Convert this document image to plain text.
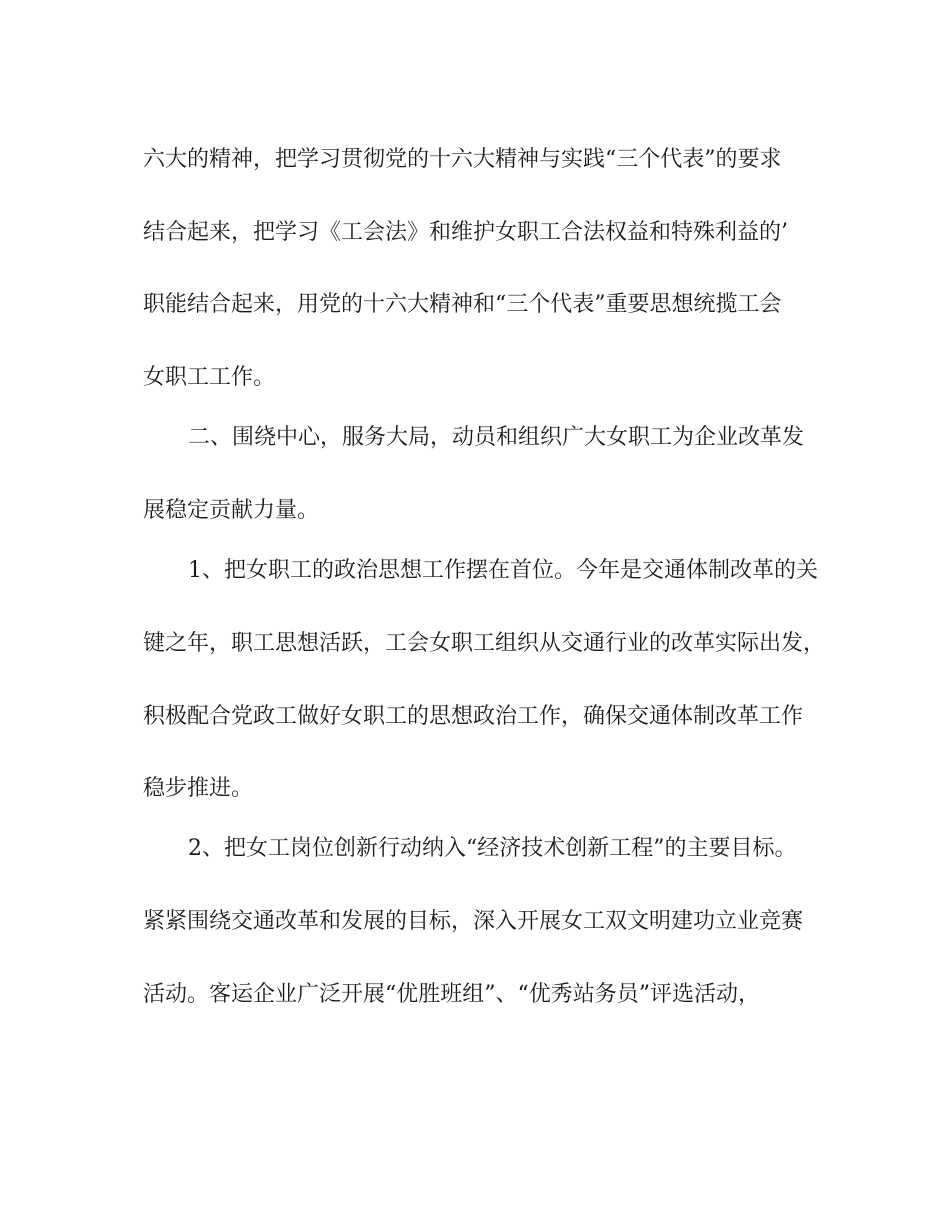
六大的精神，把学习贯彻党的十六大精神与实践“三个代表”的要求
结合起来，把学习《工会法》和维护女职工合法权益和特殊利益的’
职能结合起来，用党的十六大精神和“三个代表”重要思想统揽工会
女职工工作。
二、围绕中心，服务大局，动员和组织广大女职工为企业改革发
展稳定贡献力量。
1、把女职工的政治思想工作摆在首位。今年是交通体制改革的关
键之年，职工思想活跃，工会女职工组织从交通行业的改革实际出发，
积极配合党政工做好女职工的思想政治工作，确保交通体制改革工作
稳步推进。
2、把女工岗位创新行动纳入“经济技术创新工程”的主要目标。
紧紧围绕交通改革和发展的目标，深入开展女工双文明建功立业竞赛
活动。客运企业广泛开展“优胜班组”、“优秀站务员”评选活动，
